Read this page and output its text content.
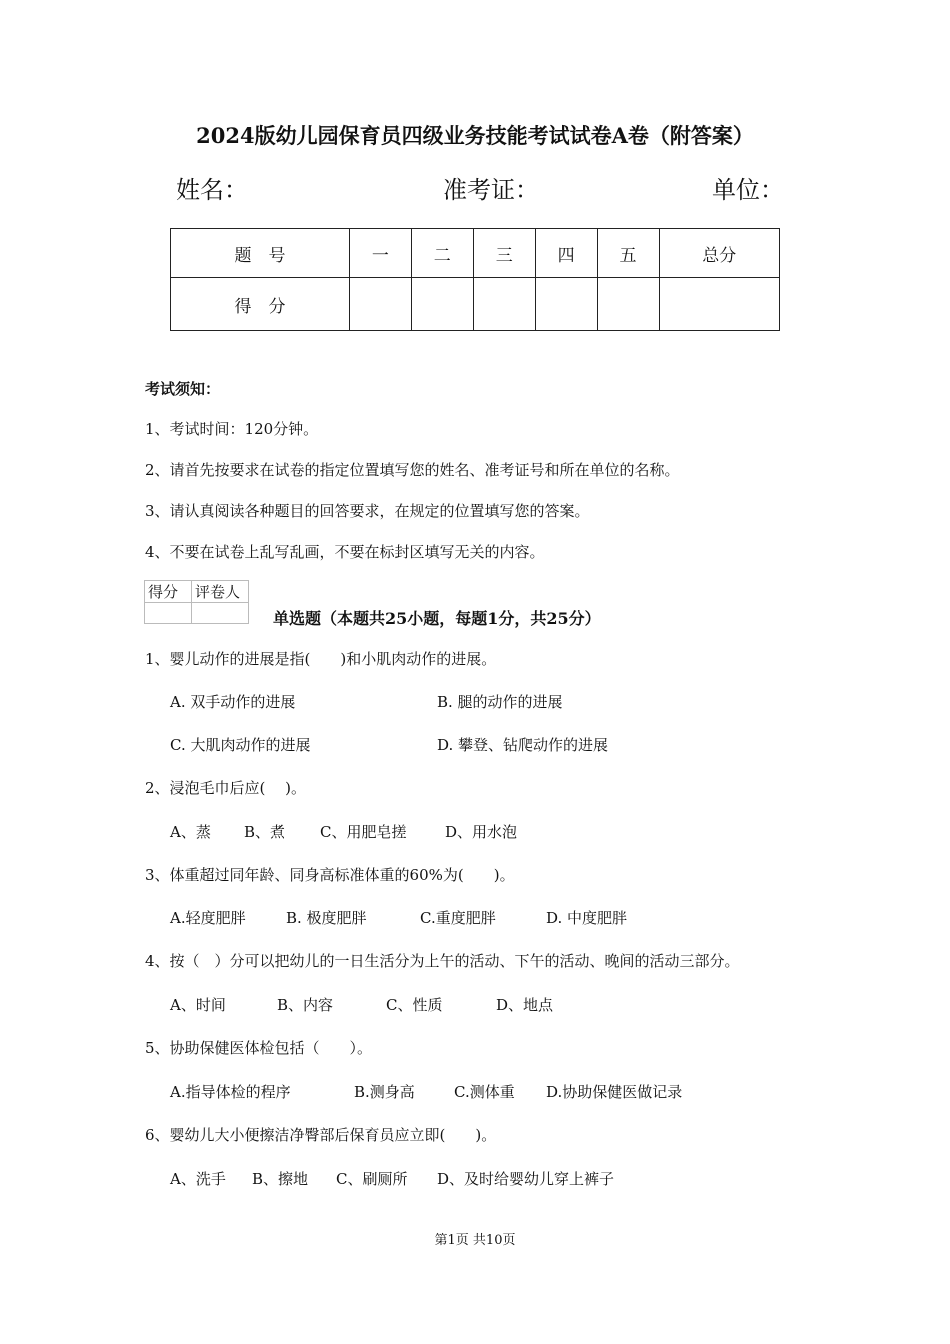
2024版幼儿园保育员四级业务技能考试试卷A卷（附答案）
姓名：	准考证：	单位：
题　号	一	二	三	四	五	总分
得　分						
考试须知：
1、考试时间：120分钟。
2、请首先按要求在试卷的指定位置填写您的姓名、准考证号和所在单位的名称。
3、请认真阅读各种题目的回答要求，在规定的位置填写您的答案。
4、不要在试卷上乱写乱画，不要在标封区填写无关的内容。
得分	评卷人

单选题（本题共25小题，每题1分，共25分）
1、婴儿动作的进展是指(　　)和小肌肉动作的进展。
A. 双手动作的进展	B. 腿的动作的进展
C. 大肌肉动作的进展	D. 攀登、钻爬动作的进展
2、浸泡毛巾后应(　 )。
A、蒸 B、煮 C、用肥皂搓	D、用水泡
3、体重超过同年龄、同身高标准体重的60%为(　　)。
A.轻度肥胖	B. 极度肥胖	C.重度肥胖	D. 中度肥胖
4、按（　）分可以把幼儿的一日生活分为上午的活动、下午的活动、晚间的活动三部分。
A、时间	B、内容	C、性质	D、地点
5、协助保健医体检包括（　　）。
A.指导体检的程序	B.测身高	C.测体重 D.协助保健医做记录
6、婴幼儿大小便擦洁净臀部后保育员应立即(　　)。
A、洗手 B、擦地 C、刷厕所 D、及时给婴幼儿穿上裤子
第1页 共10页
